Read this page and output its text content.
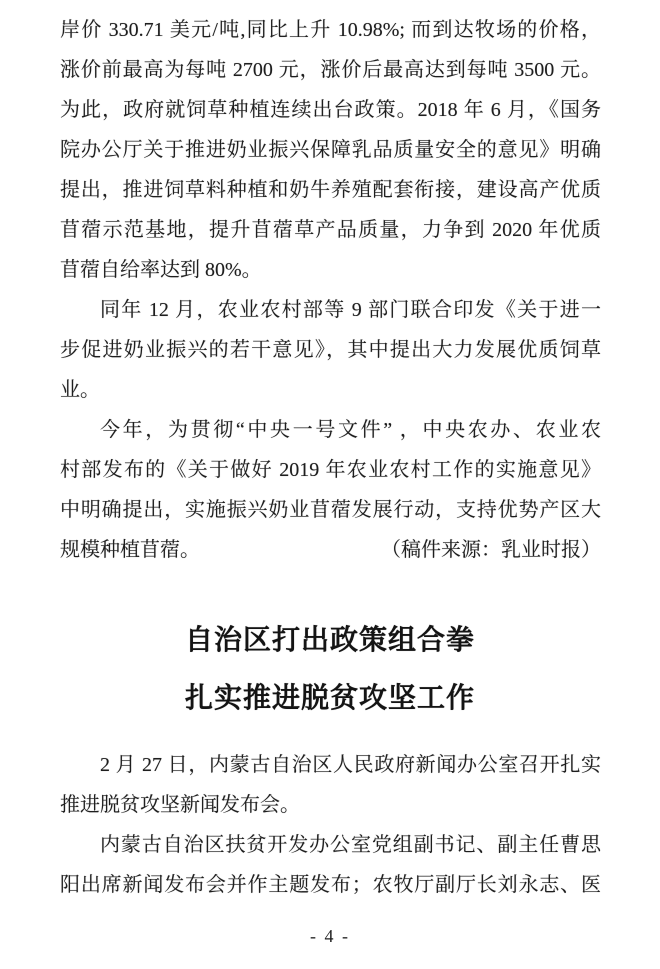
岸价 330.71 美元/吨,同比上升 10.98%; 而到达牧场的价格，
涨价前最高为每吨 2700 元，涨价后最高达到每吨 3500 元。
为此，政府就饲草种植连续出台政策。2018 年 6 月，《国务
院办公厅关于推进奶业振兴保障乳品质量安全的意见》明确
提出，推进饲草料种植和奶牛养殖配套衔接，建设高产优质
苜蓿示范基地，提升苜蓿草产品质量，力争到 2020 年优质
苜蓿自给率达到 80%。
同年 12 月，农业农村部等 9 部门联合印发《关于进一
步促进奶业振兴的若干意见》，其中提出大力发展优质饲草
业。
今年，为贯彻“中央一号文件” ，中央农办、农业农
村部发布的《关于做好 2019 年农业农村工作的实施意见》
中明确提出，实施振兴奶业苜蓿发展行动，支持优势产区大
规模种植苜蓿。	（稿件来源：乳业时报）
自治区打出政策组合拳
扎实推进脱贫攻坚工作
2 月 27 日，内蒙古自治区人民政府新闻办公室召开扎实
推进脱贫攻坚新闻发布会。
内蒙古自治区扶贫开发办公室党组副书记、副主任曹思
阳出席新闻发布会并作主题发布；农牧厅副厅长刘永志、医
- 4 -
